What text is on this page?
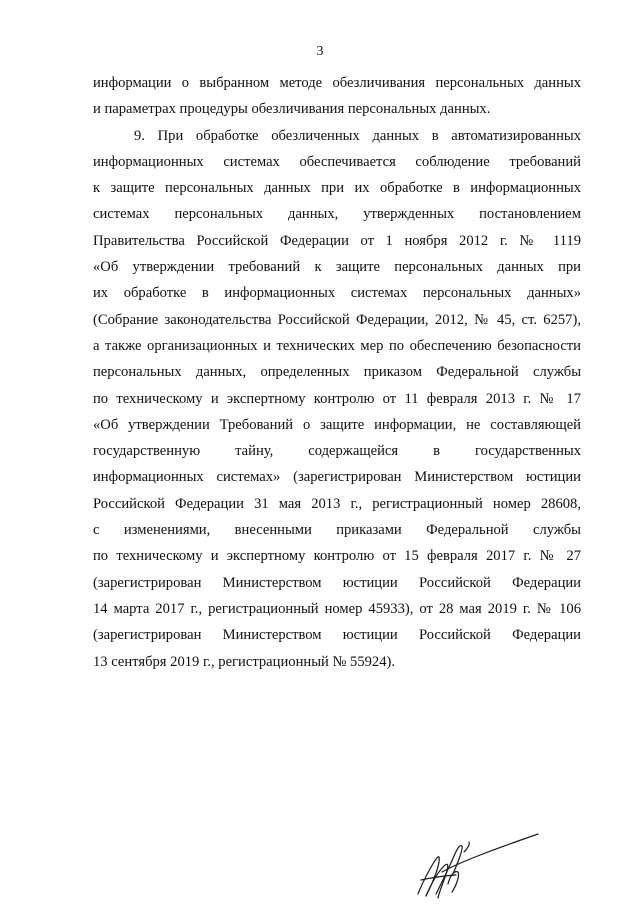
3
информации о выбранном методе обезличивания персональных данных
и параметрах процедуры обезличивания персональных данных.
9. При обработке обезличенных данных в автоматизированных
информационных системах обеспечивается соблюдение требований
к защите персональных данных при их обработке в информационных
системах персональных данных, утвержденных постановлением
Правительства Российской Федерации от 1 ноября 2012 г. № 1119
«Об утверждении требований к защите персональных данных при
их обработке в информационных системах персональных данных»
(Собрание законодательства Российской Федерации, 2012, № 45, ст. 6257),
а также организационных и технических мер по обеспечению безопасности
персональных данных, определенных приказом Федеральной службы
по техническому и экспертному контролю от 11 февраля 2013 г. № 17
«Об утверждении Требований о защите информации, не составляющей
государственную тайну, содержащейся в государственных
информационных системах» (зарегистрирован Министерством юстиции
Российской Федерации 31 мая 2013 г., регистрационный номер 28608,
с изменениями, внесенными приказами Федеральной службы
по техническому и экспертному контролю от 15 февраля 2017 г. № 27
(зарегистрирован Министерством юстиции Российской Федерации
14 марта 2017 г., регистрационный номер 45933), от 28 мая 2019 г. № 106
(зарегистрирован Министерством юстиции Российской Федерации
13 сентября 2019 г., регистрационный № 55924).
